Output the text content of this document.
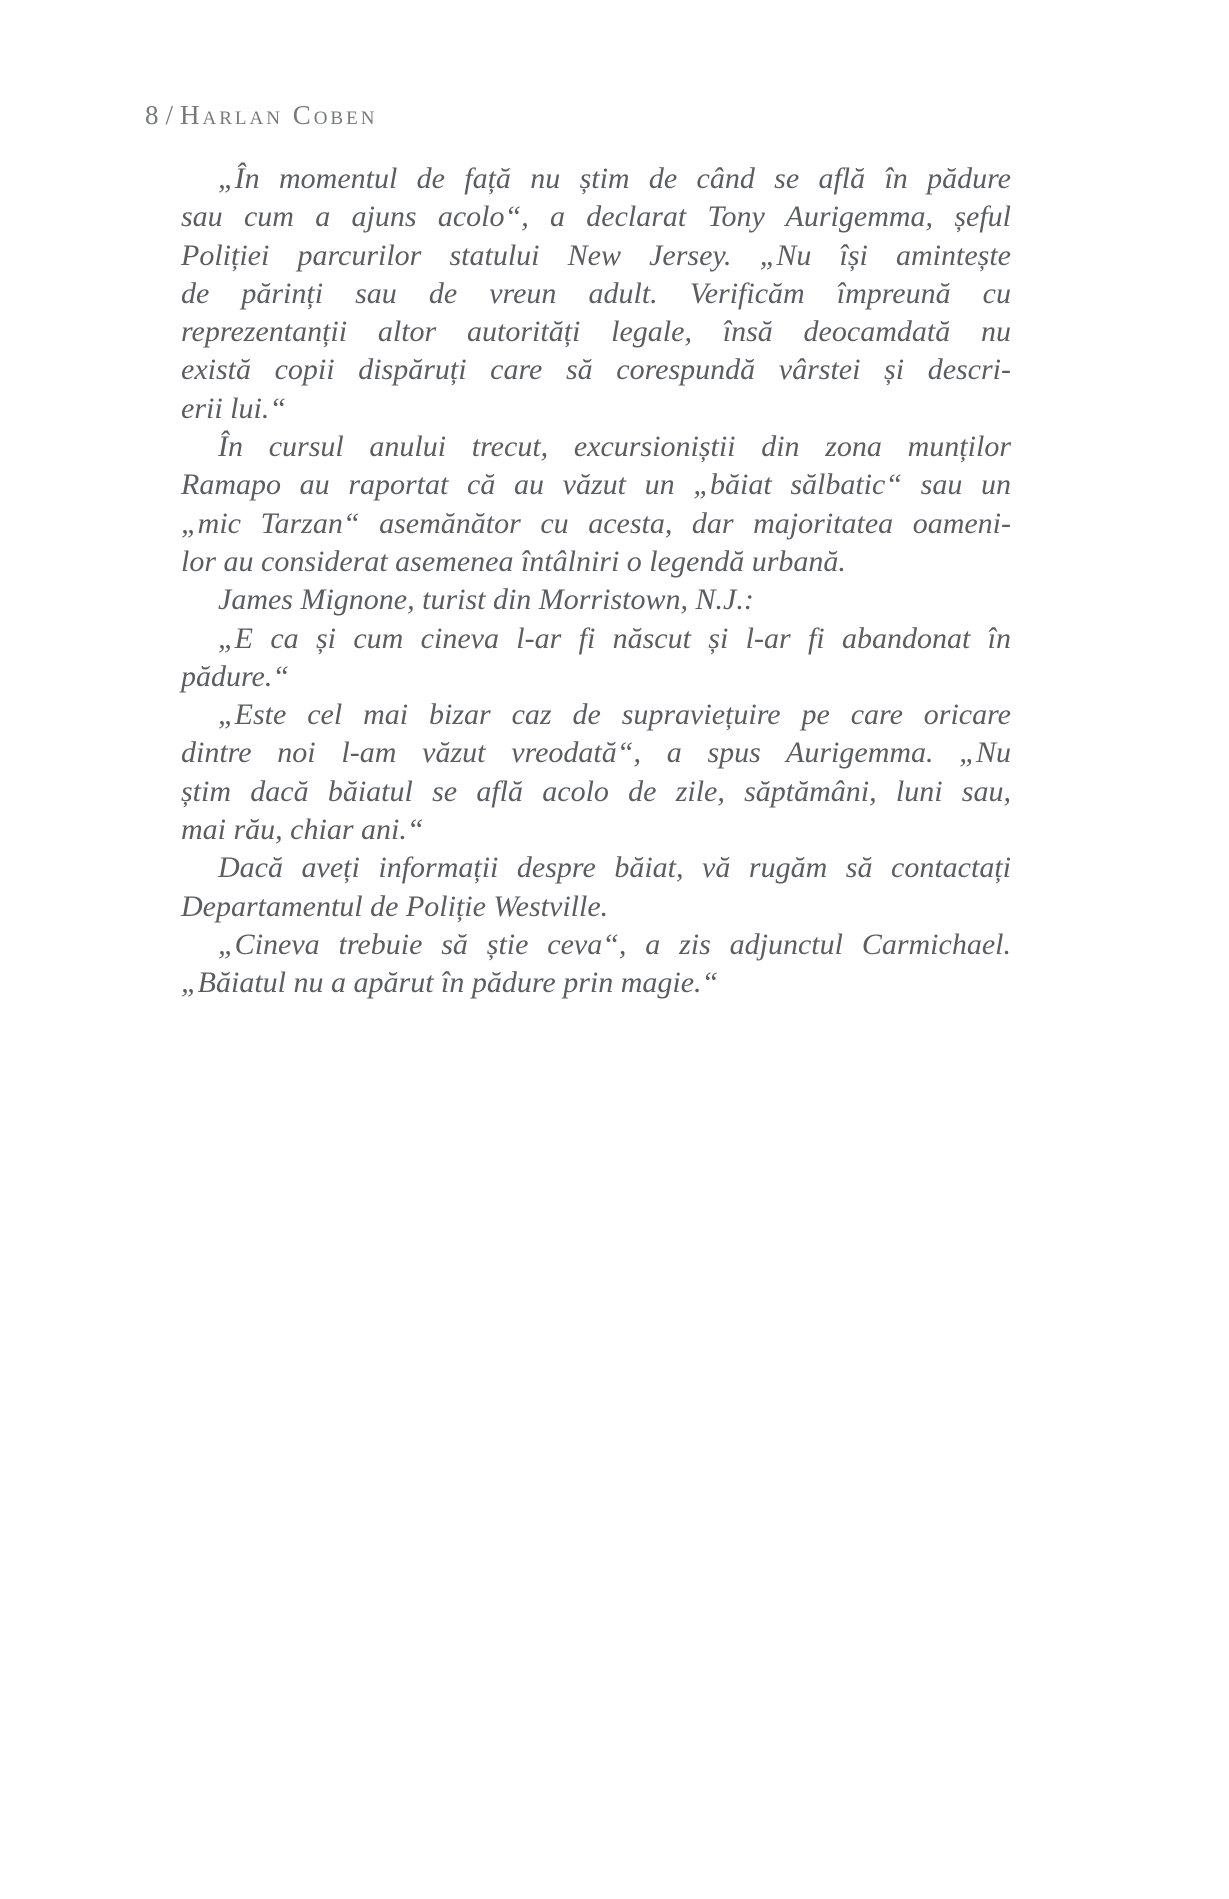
8 / Harlan Coben

„În momentul de față nu știm de când se află în pădure
sau cum a ajuns acolo“, a declarat Tony Aurigemma, șeful
Poliției parcurilor statului New Jersey. „Nu își amintește
de părinți sau de vreun adult. Verificăm împreună cu
reprezentanții altor autorități legale, însă deocamdată nu
există copii dispăruți care să corespundă vârstei și descri-
erii lui.“

În cursul anului trecut, excursioniștii din zona munților
Ramapo au raportat că au văzut un „băiat sălbatic“ sau un
„mic Tarzan“ asemănător cu acesta, dar majoritatea oameni-
lor au considerat asemenea întâlniri o legendă urbană.

James Mignone, turist din Morristown, N.J.:

„E ca și cum cineva l-ar fi născut și l-ar fi abandonat în
pădure.“

„Este cel mai bizar caz de supraviețuire pe care oricare
dintre noi l-am văzut vreodată“, a spus Aurigemma. „Nu
știm dacă băiatul se află acolo de zile, săptămâni, luni sau,
mai rău, chiar ani.“

Dacă aveți informații despre băiat, vă rugăm să contactați
Departamentul de Poliție Westville.

„Cineva trebuie să știe ceva“, a zis adjunctul Carmichael.
„Băiatul nu a apărut în pădure prin magie.“
